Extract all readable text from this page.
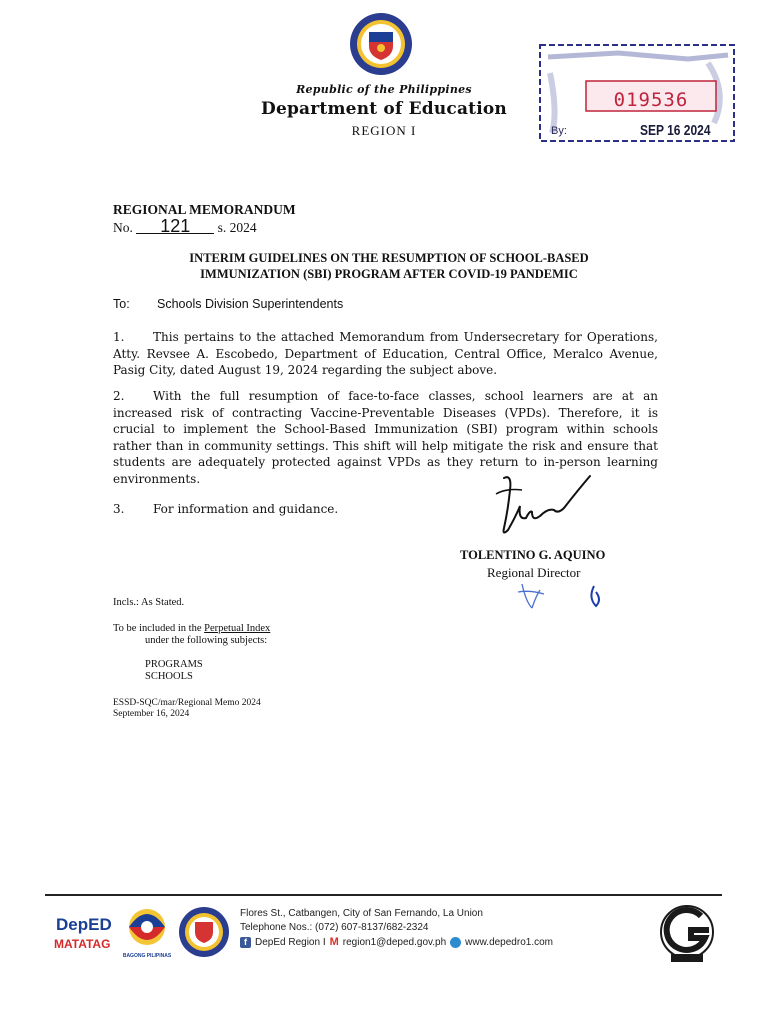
Republic of the Philippines
Department of Education
REGION I
019536
By:	SEP 16 2024
REGIONAL MEMORANDUM
No. 121 s. 2024
INTERIM GUIDELINES ON THE RESUMPTION OF SCHOOL-BASED
IMMUNIZATION (SBI) PROGRAM AFTER COVID-19 PANDEMIC
To: Schools Division Superintendents
1. This pertains to the attached Memorandum from Undersecretary for Operations, Atty. Revsee A. Escobedo, Department of Education, Central Office, Meralco Avenue, Pasig City, dated August 19, 2024 regarding the subject above.
2. With the full resumption of face-to-face classes, school learners are at an increased risk of contracting Vaccine-Preventable Diseases (VPDs). Therefore, it is crucial to implement the School-Based Immunization (SBI) program within schools rather than in community settings. This shift will help mitigate the risk and ensure that students are adequately protected against VPDs as they return to in-person learning environments.
3. For information and guidance.
TOLENTINO G. AQUINO
Regional Director
Incls.: As Stated.
To be included in the Perpetual Index
under the following subjects:
PROGRAMS
SCHOOLS
ESSD-SQC/mar/Regional Memo 2024
September 16, 2024
DepED
MATATAG
BAGONG PILIPINAS
Flores St., Catbangen, City of San Fernando, La Union
Telephone Nos.: (072) 607-8137/682-2324
f DepEd Region I M region1@deped.gov.ph www.depedro1.com
